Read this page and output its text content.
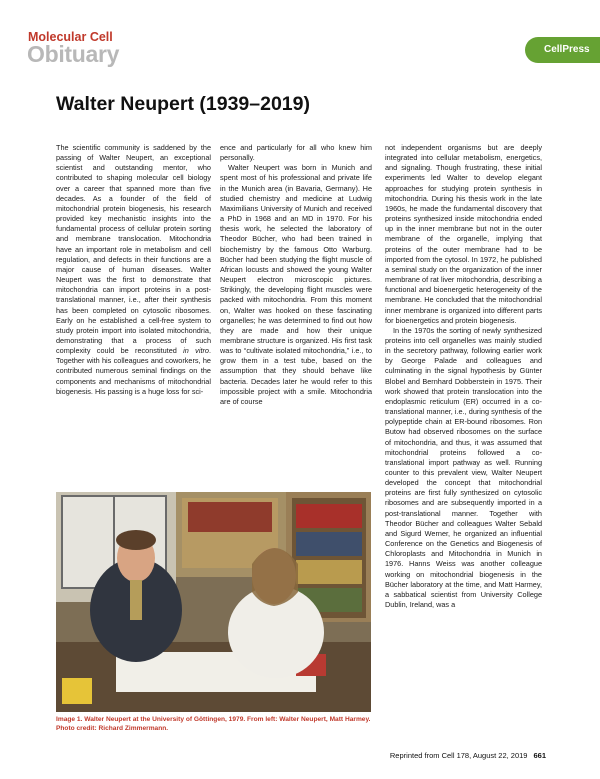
Molecular Cell
Obituary	CellPress
Walter Neupert (1939–2019)

The scientific community is saddened by the passing of Walter Neupert, an exceptional scientist and outstanding mentor, who contributed to shaping molecular cell biology over a career that spanned more than five decades. As a founder of the field of mitochondrial protein biogenesis, his research provided key mechanistic insights into the fundamental process of cellular protein sorting and membrane translocation. Mitochondria have an important role in metabolism and cell regulation, and defects in their functions are a major cause of human diseases. Walter Neupert was the first to demonstrate that mitochondria can import proteins in a post-translational manner, i.e., after their synthesis has been completed on cytosolic ribosomes. Early on he established a cell-free system to study protein import into isolated mitochondria, demonstrating that a process of such complexity could be reconstituted in vitro. Together with his colleagues and coworkers, he contributed numerous seminal findings on the components and mechanisms of mitochondrial biogenesis. His passing is a huge loss for sci-

ence and particularly for all who knew him personally.

Walter Neupert was born in Munich and spent most of his professional and private life in the Munich area (in Bavaria, Germany). He studied chemistry and medicine at Ludwig Maximilians University of Munich and received a PhD in 1968 and an MD in 1970. For his thesis work, he selected the laboratory of Theodor Bücher, who had been trained in biochemistry by the famous Otto Warburg. Bücher had been studying the flight muscle of African locusts and showed the young Walter Neupert electron microscopic pictures. Strikingly, the developing flight muscles were packed with mitochondria. From this moment on, Walter was hooked on these fascinating organelles; he was determined to find out how they are made and how their unique membrane structure is organized. His first task was to “cultivate isolated mitochondria,” i.e., to grow them in a test tube, based on the assumption that they should behave like bacteria. Decades later he would refer to this impossible project with a smile. Mitochondria are of course

not independent organisms but are deeply integrated into cellular metabolism, energetics, and signaling. Though frustrating, these initial experiments led Walter to develop elegant approaches for studying protein synthesis in mitochondria. During his thesis work in the late 1960s, he made the fundamental discovery that proteins synthesized inside mitochondria ended up in the inner membrane but not in the outer membrane of the organelle, implying that proteins of the outer membrane had to be imported from the cytosol. In 1972, he published a seminal study on the organization of the inner membrane of rat liver mitochondria, describing a functional and bioenergetic heterogeneity of the membrane. He concluded that the mitochondrial inner membrane is organized into different parts for bioenergetics and protein biogenesis.

In the 1970s the sorting of newly synthesized proteins into cell organelles was mainly studied in the secretory pathway, following earlier work by George Palade and colleagues and culminating in the signal hypothesis by Günter Blobel and Bernhard Dobberstein in 1975. Their work showed that protein translocation into the endoplasmic reticulum (ER) occurred in a co-translational manner, i.e., during synthesis of the polypeptide chain at ER-bound ribosomes. Ron Butow had observed ribosomes on the surface of mitochondria, and thus, it was assumed that mitochondrial proteins followed a co-translational import pathway as well. Running counter to this prevalent view, Walter Neupert developed the concept that mitochondrial proteins are first fully synthesized on cytosolic ribosomes and are subsequently imported in a post-translational manner. Together with Theodor Bücher and colleagues Walter Sebald and Sigurd Werner, he organized an influential Conference on the Genetics and Biogenesis of Chloroplasts and Mitochondria in Munich in 1976. Hanns Weiss was another colleague working on mitochondrial biogenesis in the Bücher laboratory at the time, and Matt Harmey, a sabbatical scientist from University College Dublin, Ireland, was a

Image 1. Walter Neupert at the University of Göttingen, 1979. From left: Walter Neupert, Matt Harmey. Photo credit: Richard Zimmermann.
Reprinted from Cell 178, August 22, 2019 661
